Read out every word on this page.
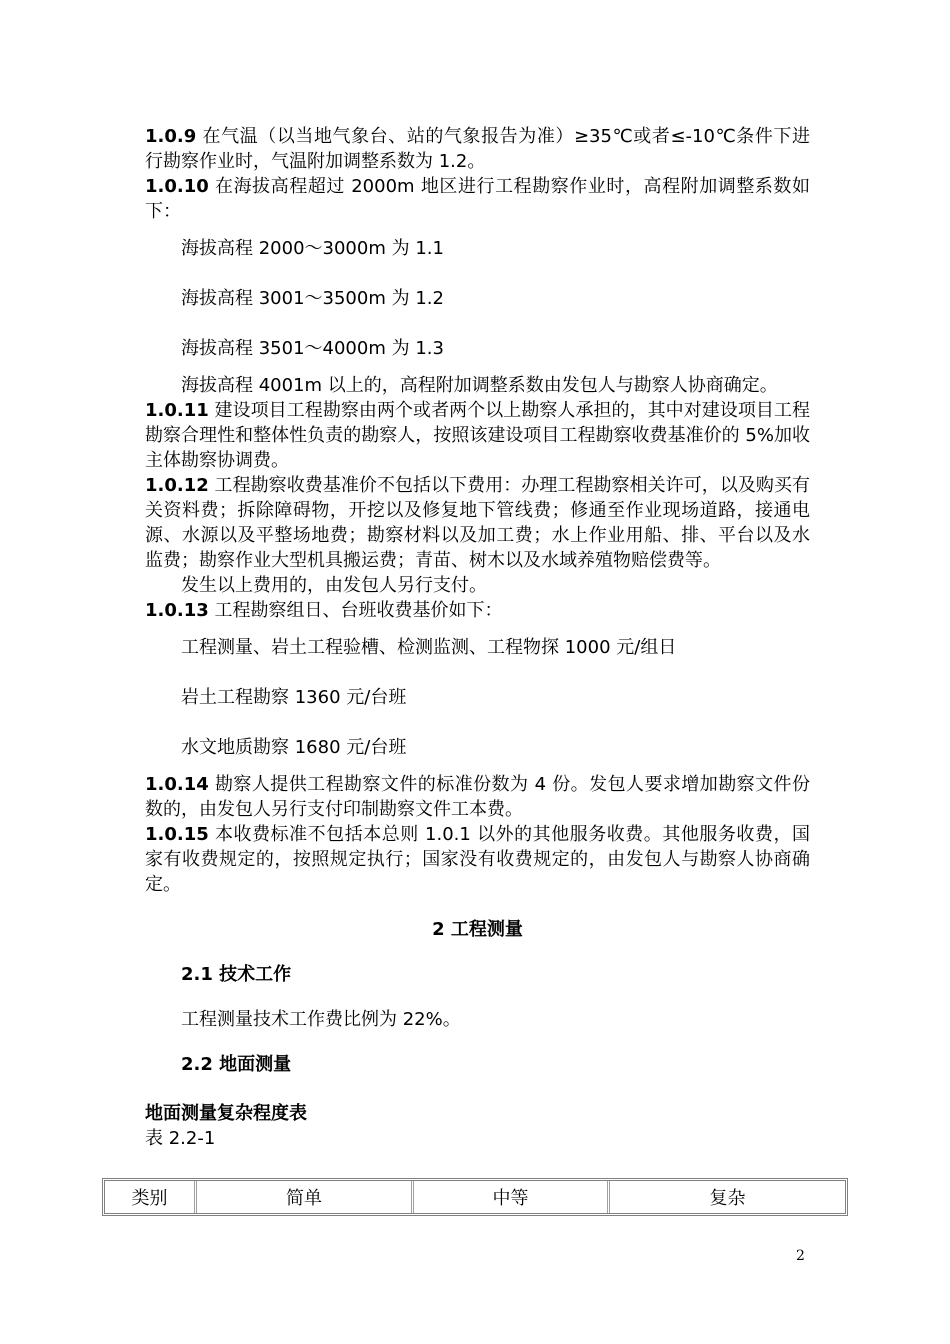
1.0.9 在气温（以当地气象台、站的气象报告为准）≥35℃或者≤-10℃条件下进行勘察作业时，气温附加调整系数为 1.2。

1.0.10 在海拔高程超过 2000m 地区进行工程勘察作业时，高程附加调整系数如下：

海拔高程 2000～3000m 为 1.1

海拔高程 3001～3500m 为 1.2

海拔高程 3501～4000m 为 1.3

海拔高程 4001m 以上的，高程附加调整系数由发包人与勘察人协商确定。

1.0.11 建设项目工程勘察由两个或者两个以上勘察人承担的，其中对建设项目工程勘察合理性和整体性负责的勘察人，按照该建设项目工程勘察收费基准价的 5%加收主体勘察协调费。

1.0.12 工程勘察收费基准价不包括以下费用：办理工程勘察相关许可，以及购买有关资料费；拆除障碍物，开挖以及修复地下管线费；修通至作业现场道路，接通电源、水源以及平整场地费；勘察材料以及加工费；水上作业用船、排、平台以及水监费；勘察作业大型机具搬运费；青苗、树木以及水域养殖物赔偿费等。

发生以上费用的，由发包人另行支付。

1.0.13 工程勘察组日、台班收费基价如下：

工程测量、岩土工程验槽、检测监测、工程物探 1000 元/组日

岩土工程勘察 1360 元/台班

水文地质勘察 1680 元/台班

1.0.14 勘察人提供工程勘察文件的标准份数为 4 份。发包人要求增加勘察文件份数的，由发包人另行支付印制勘察文件工本费。

1.0.15 本收费标准不包括本总则 1.0.1 以外的其他服务收费。其他服务收费，国家有收费规定的，按照规定执行；国家没有收费规定的，由发包人与勘察人协商确定。

2 工程测量

2.1 技术工作

工程测量技术工作费比例为 22%。

2.2 地面测量

地面测量复杂程度表

表 2.2-1

类别	简单	中等	复杂
2
